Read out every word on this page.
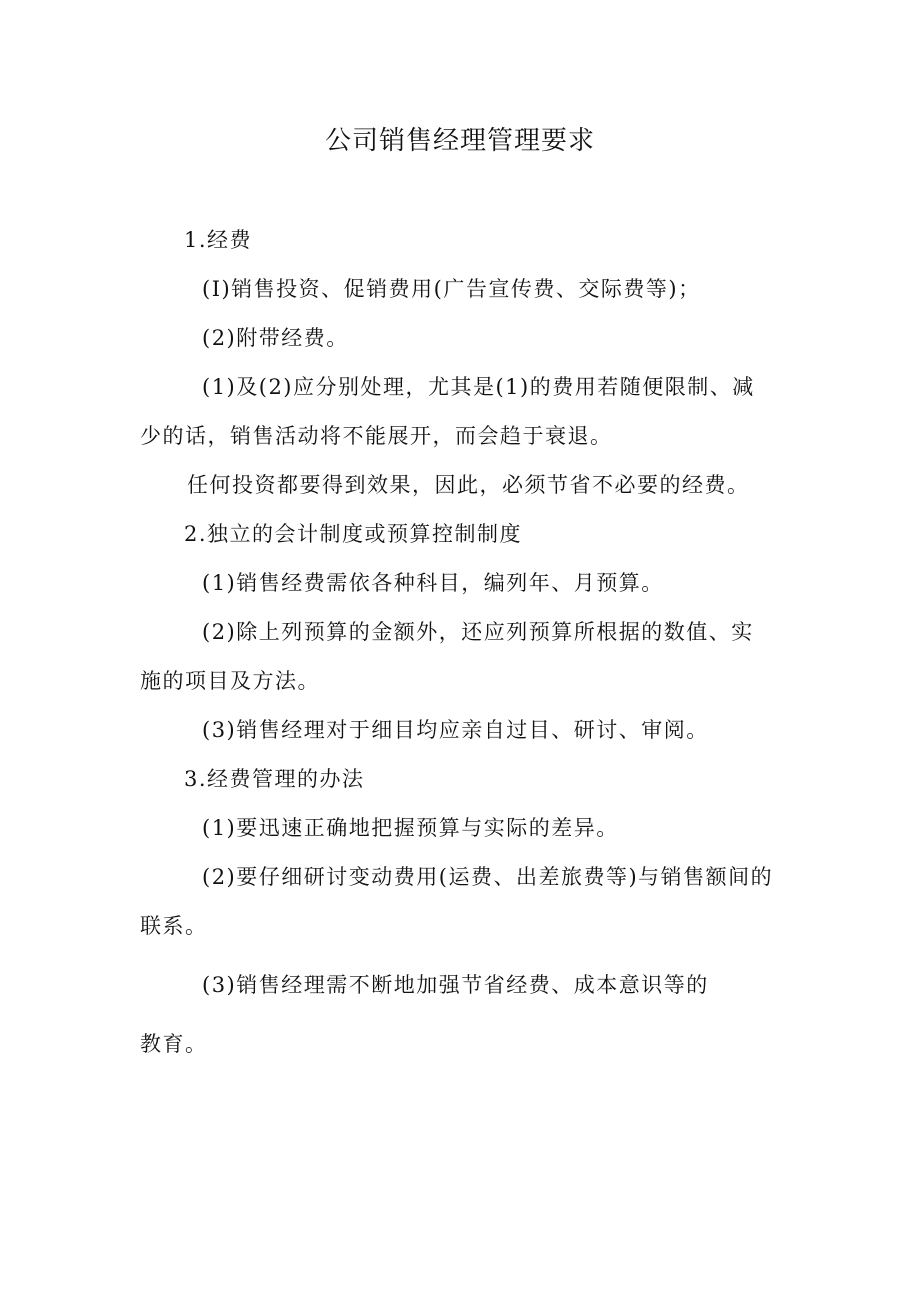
公司销售经理管理要求

1.经费

(I)销售投资、促销费用(广告宣传费、交际费等)；

(2)附带经费。

(1)及(2)应分别处理，尤其是(1)的费用若随便限制、减

少的话，销售活动将不能展开，而会趋于衰退。

任何投资都要得到效果，因此，必须节省不必要的经费。

2.独立的会计制度或预算控制制度

(1)销售经费需依各种科目，编列年、月预算。

(2)除上列预算的金额外，还应列预算所根据的数值、实

施的项目及方法。

(3)销售经理对于细目均应亲自过目、研讨、审阅。

3.经费管理的办法

(1)要迅速正确地把握预算与实际的差异。

(2)要仔细研讨变动费用(运费、出差旅费等)与销售额间的

联系。

(3)销售经理需不断地加强节省经费、成本意识等的

教育。
